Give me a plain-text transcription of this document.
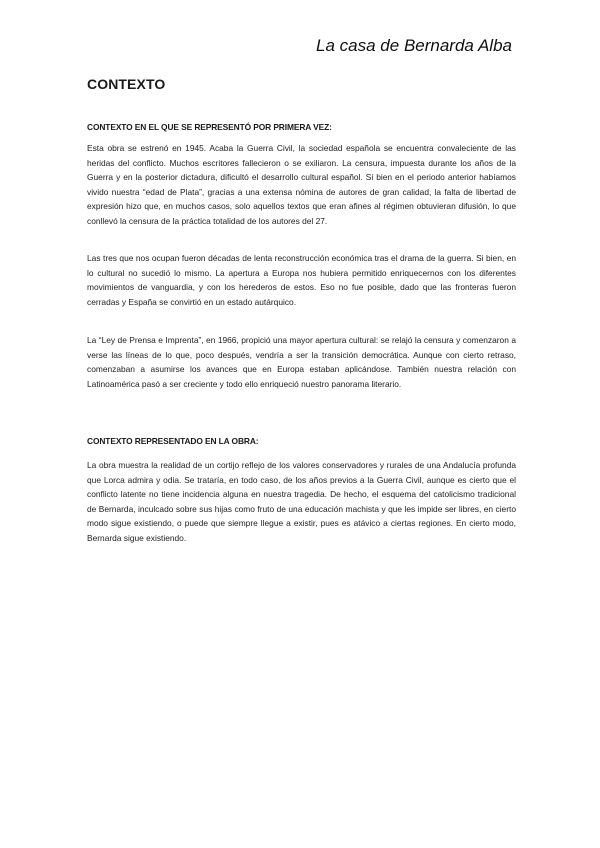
La casa de Bernarda Alba
CONTEXTO
CONTEXTO EN EL QUE SE REPRESENTÓ POR PRIMERA VEZ:

Esta obra se estrenó en 1945. Acaba la Guerra Civil, la sociedad española se encuentra convaleciente de las heridas del conflicto. Muchos escritores fallecieron o se exiliaron. La censura, impuesta durante los años de la Guerra y en la posterior dictadura, dificultó el desarrollo cultural español. Si bien en el periodo anterior habíamos vivido nuestra “edad de Plata”, gracias a una extensa nómina de autores de gran calidad, la falta de libertad de expresión hizo que, en muchos casos, solo aquellos textos que eran afines al régimen obtuvieran difusión, lo que conllevó la censura de la práctica totalidad de los autores del 27.

Las tres que nos ocupan fueron décadas de lenta reconstrucción económica tras el drama de la guerra. Si bien, en lo cultural no sucedió lo mismo. La apertura a Europa nos hubiera permitido enriquecernos con los diferentes movimientos de vanguardia, y con los herederos de estos. Eso no fue posible, dado que las fronteras fueron cerradas y España se convirtió en un estado autárquico.

La “Ley de Prensa e Imprenta”, en 1966, propició una mayor apertura cultural: se relajó la censura y comenzaron a verse las líneas de lo que, poco después, vendría a ser la transición democrática. Aunque con cierto retraso, comenzaban a asumirse los avances que en Europa estaban aplicándose. También nuestra relación con Latinoamérica pasó a ser creciente y todo ello enriqueció nuestro panorama literario.

CONTEXTO REPRESENTADO EN LA OBRA:

La obra muestra la realidad de un cortijo reflejo de los valores conservadores y rurales de una Andalucía profunda que Lorca admira y odia. Se trataría, en todo caso, de los años previos a la Guerra Civil, aunque es cierto que el conflicto latente no tiene incidencia alguna en nuestra tragedia. De hecho, el esquema del catolicismo tradicional de Bernarda, inculcado sobre sus hijas como fruto de una educación machista y que les impide ser libres, en cierto modo sigue existiendo, o puede que siempre llegue a existir, pues es atávico a ciertas regiones. En cierto modo, Bernarda sigue existiendo.
